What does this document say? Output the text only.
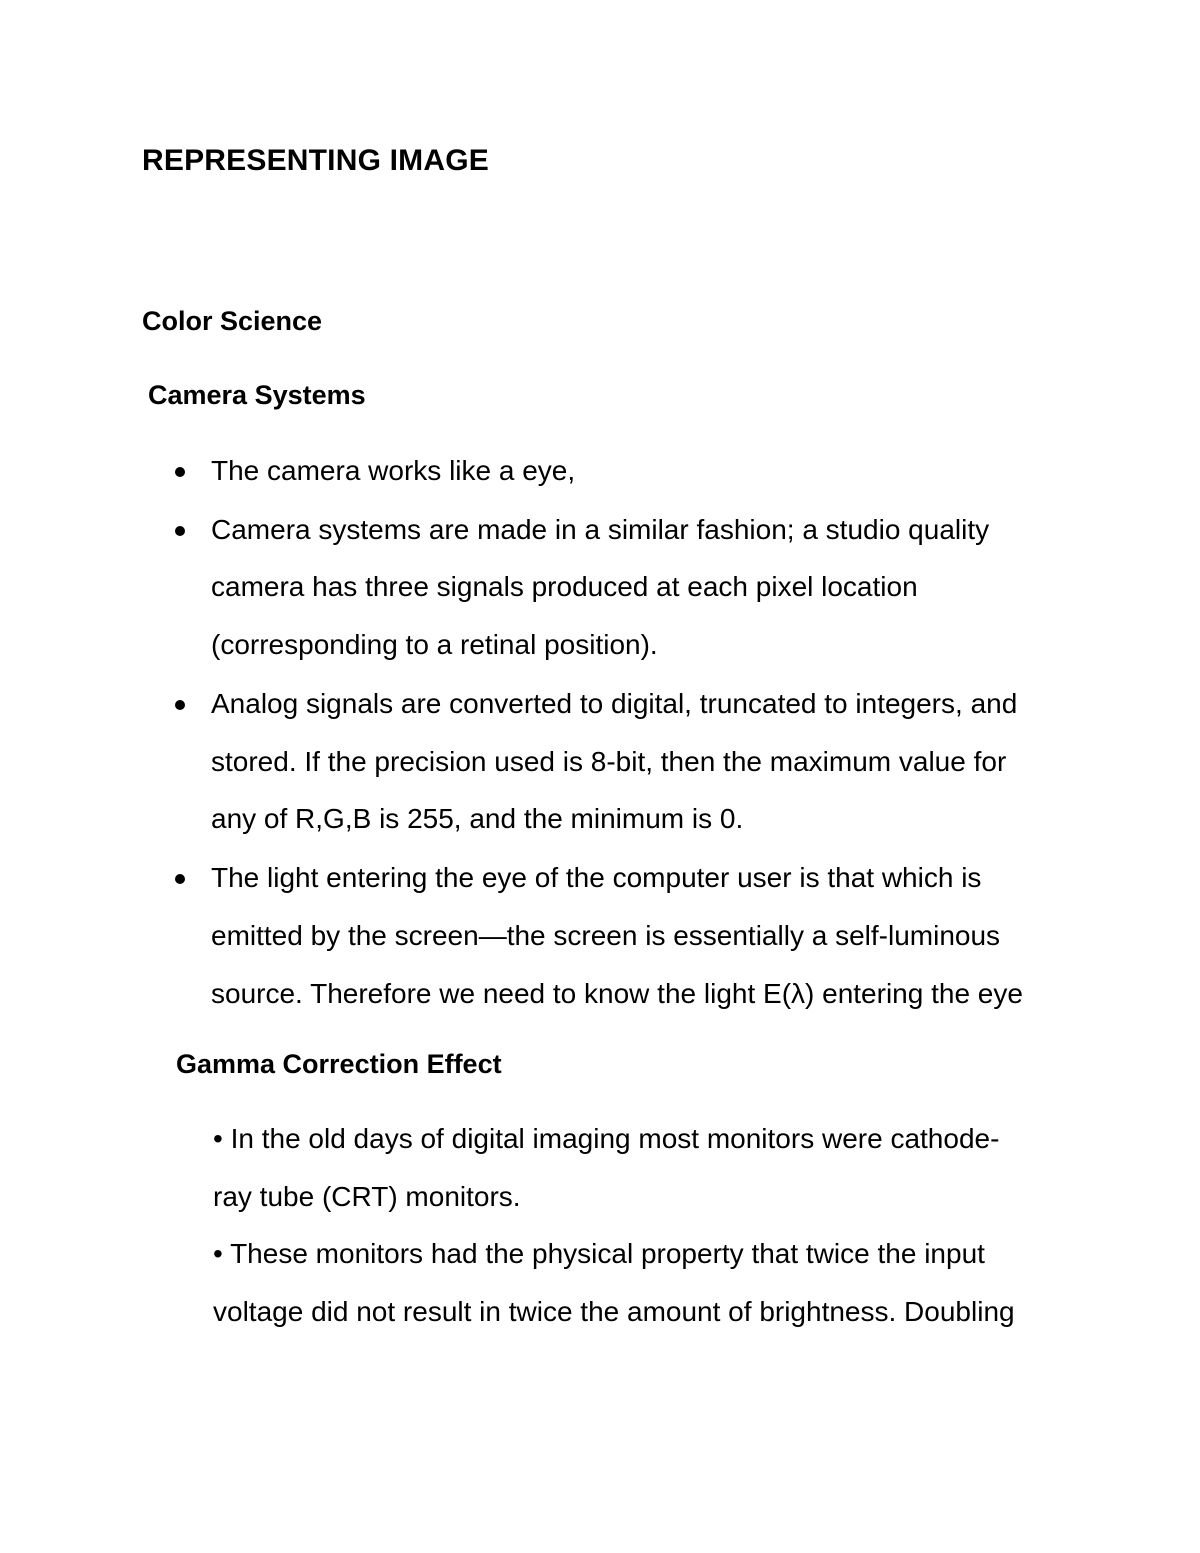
REPRESENTING IMAGE
Color Science
Camera Systems
The camera works like a eye,
Camera systems are made in a similar fashion; a studio quality
camera has three signals produced at each pixel location
(corresponding to a retinal position).
Analog signals are converted to digital, truncated to integers, and
stored. If the precision used is 8-bit, then the maximum value for
any of R,G,B is 255, and the minimum is 0.
The light entering the eye of the computer user is that which is
emitted by the screen—the screen is essentially a self-luminous
source. Therefore we need to know the light E(λ) entering the eye
Gamma Correction Effect
• In the old days of digital imaging most monitors were cathode-
ray tube (CRT) monitors.
• These monitors had the physical property that twice the input
voltage did not result in twice the amount of brightness. Doubling
